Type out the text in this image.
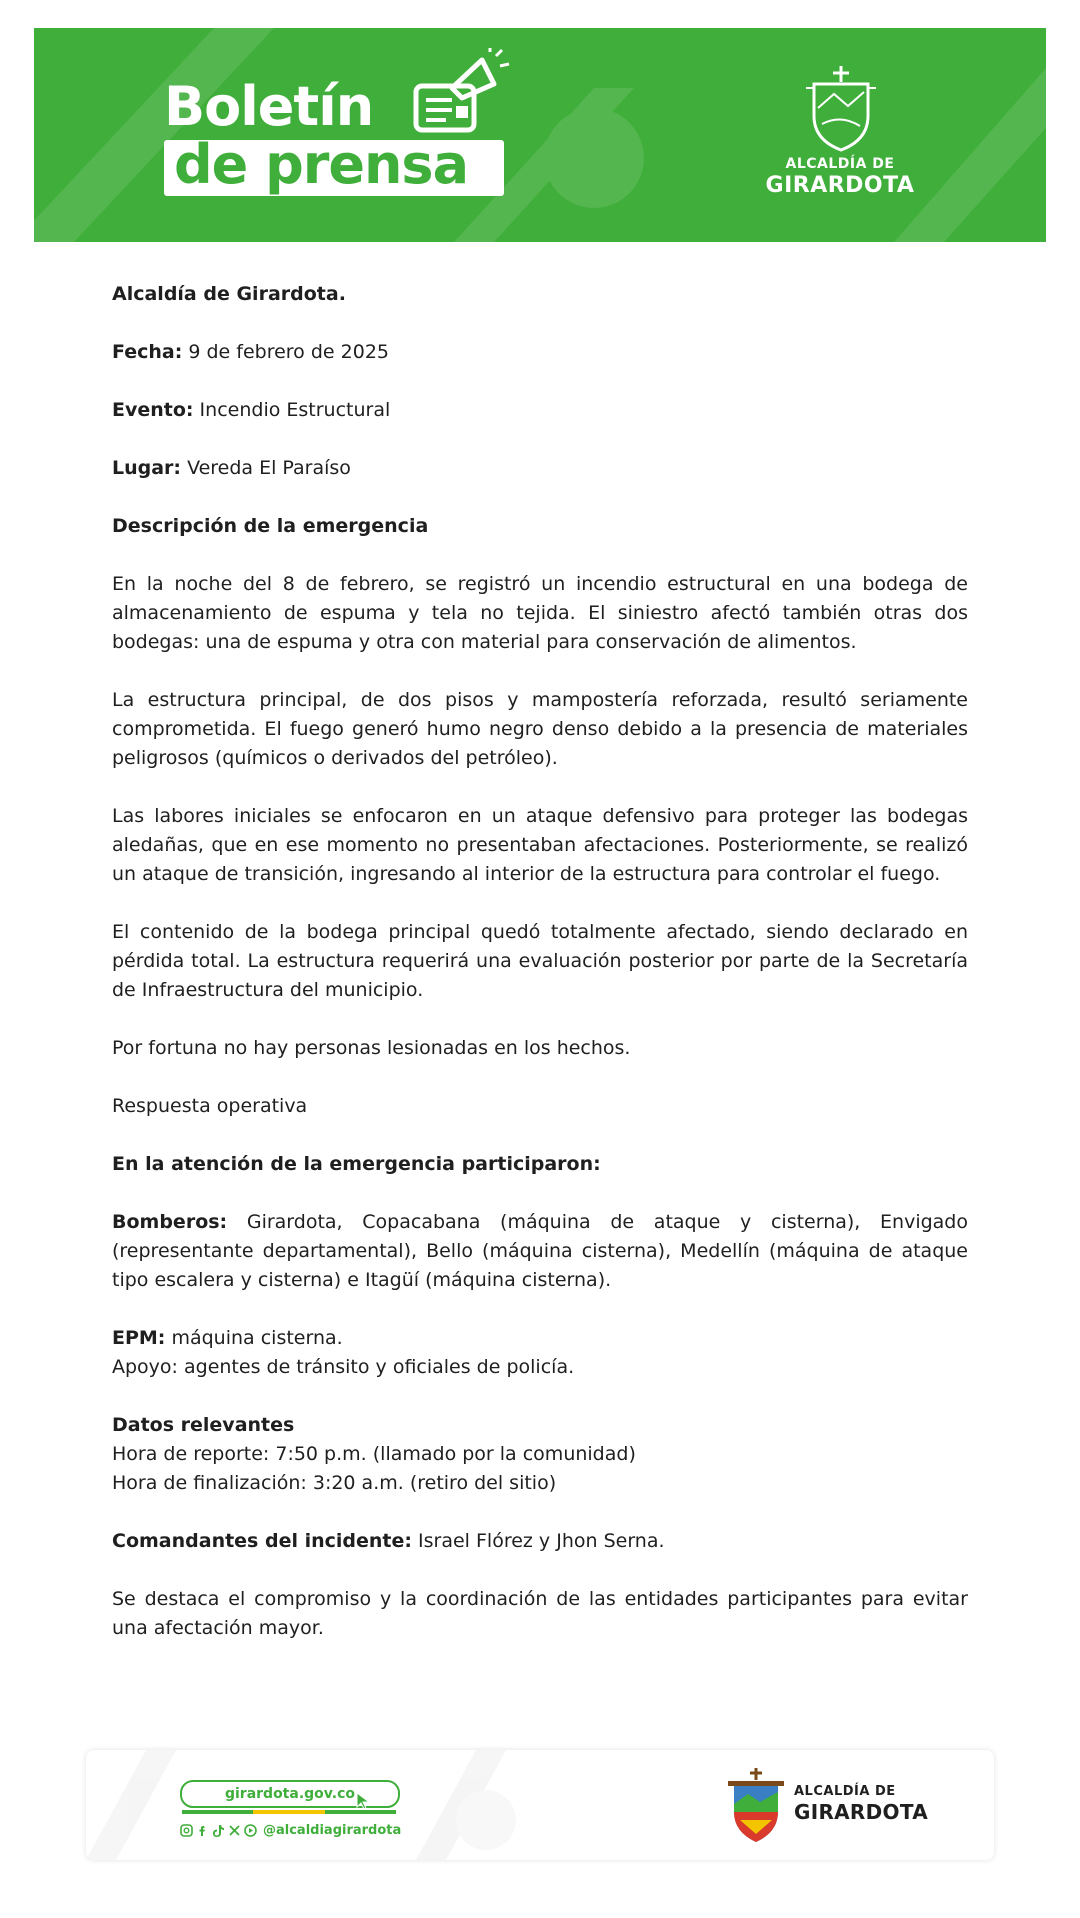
Boletín
de prensa	ALCALDÍA DE
GIRARDOTA

Alcaldía de Girardota.

Fecha: 9 de febrero de 2025

Evento: Incendio Estructural

Lugar: Vereda El Paraíso

Descripción de la emergencia

En la noche del 8 de febrero, se registró un incendio estructural en una bodega de almacenamiento de espuma y tela no tejida. El siniestro afectó también otras dos bodegas: una de espuma y otra con material para conservación de alimentos.

La estructura principal, de dos pisos y mampostería reforzada, resultó seriamente comprometida. El fuego generó humo negro denso debido a la presencia de materiales peligrosos (químicos o derivados del petróleo).

Las labores iniciales se enfocaron en un ataque defensivo para proteger las bodegas aledañas, que en ese momento no presentaban afectaciones. Posteriormente, se realizó un ataque de transición, ingresando al interior de la estructura para controlar el fuego.

El contenido de la bodega principal quedó totalmente afectado, siendo declarado en pérdida total. La estructura requerirá una evaluación posterior por parte de la Secretaría de Infraestructura del municipio.

Por fortuna no hay personas lesionadas en los hechos.

Respuesta operativa

En la atención de la emergencia participaron:

Bomberos: Girardota, Copacabana (máquina de ataque y cisterna), Envigado (representante departamental), Bello (máquina cisterna), Medellín (máquina de ataque tipo escalera y cisterna) e Itagüí (máquina cisterna).

EPM: máquina cisterna.

Apoyo: agentes de tránsito y oficiales de policía.

Datos relevantes

Hora de reporte: 7:50 p.m. (llamado por la comunidad)

Hora de finalización: 3:20 a.m. (retiro del sitio)

Comandantes del incidente: Israel Flórez y Jhon Serna.

Se destaca el compromiso y la coordinación de las entidades participantes para evitar una afectación mayor.

girardota.gov.co
@alcaldiagirardota
ALCALDÍA DE
GIRARDOTA
